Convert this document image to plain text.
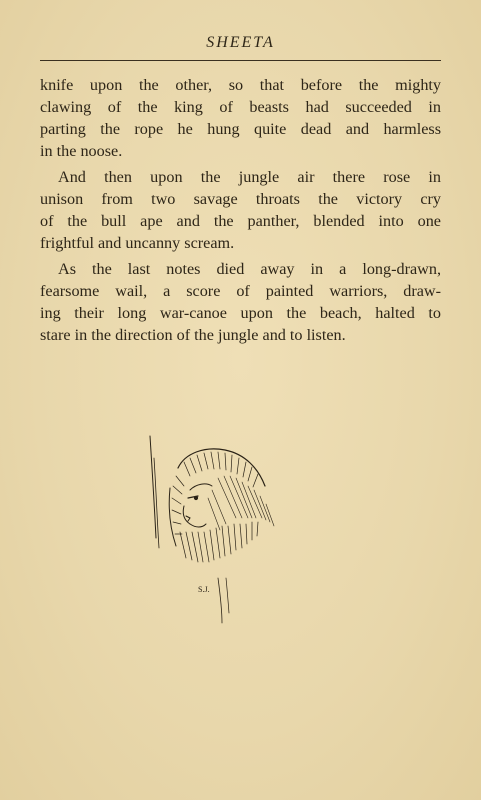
SHEETA
knife upon the other, so that before the mighty
clawing of the king of beasts had succeeded in
parting the rope he hung quite dead and harmless
in the noose.
And then upon the jungle air there rose in
unison from two savage throats the victory cry
of the bull ape and the panther, blended into one
frightful and uncanny scream.
As the last notes died away in a long-drawn,
fearsome wail, a score of painted warriors, draw-
ing their long war-canoe upon the beach, halted to
stare in the direction of the jungle and to listen.
S.J.
